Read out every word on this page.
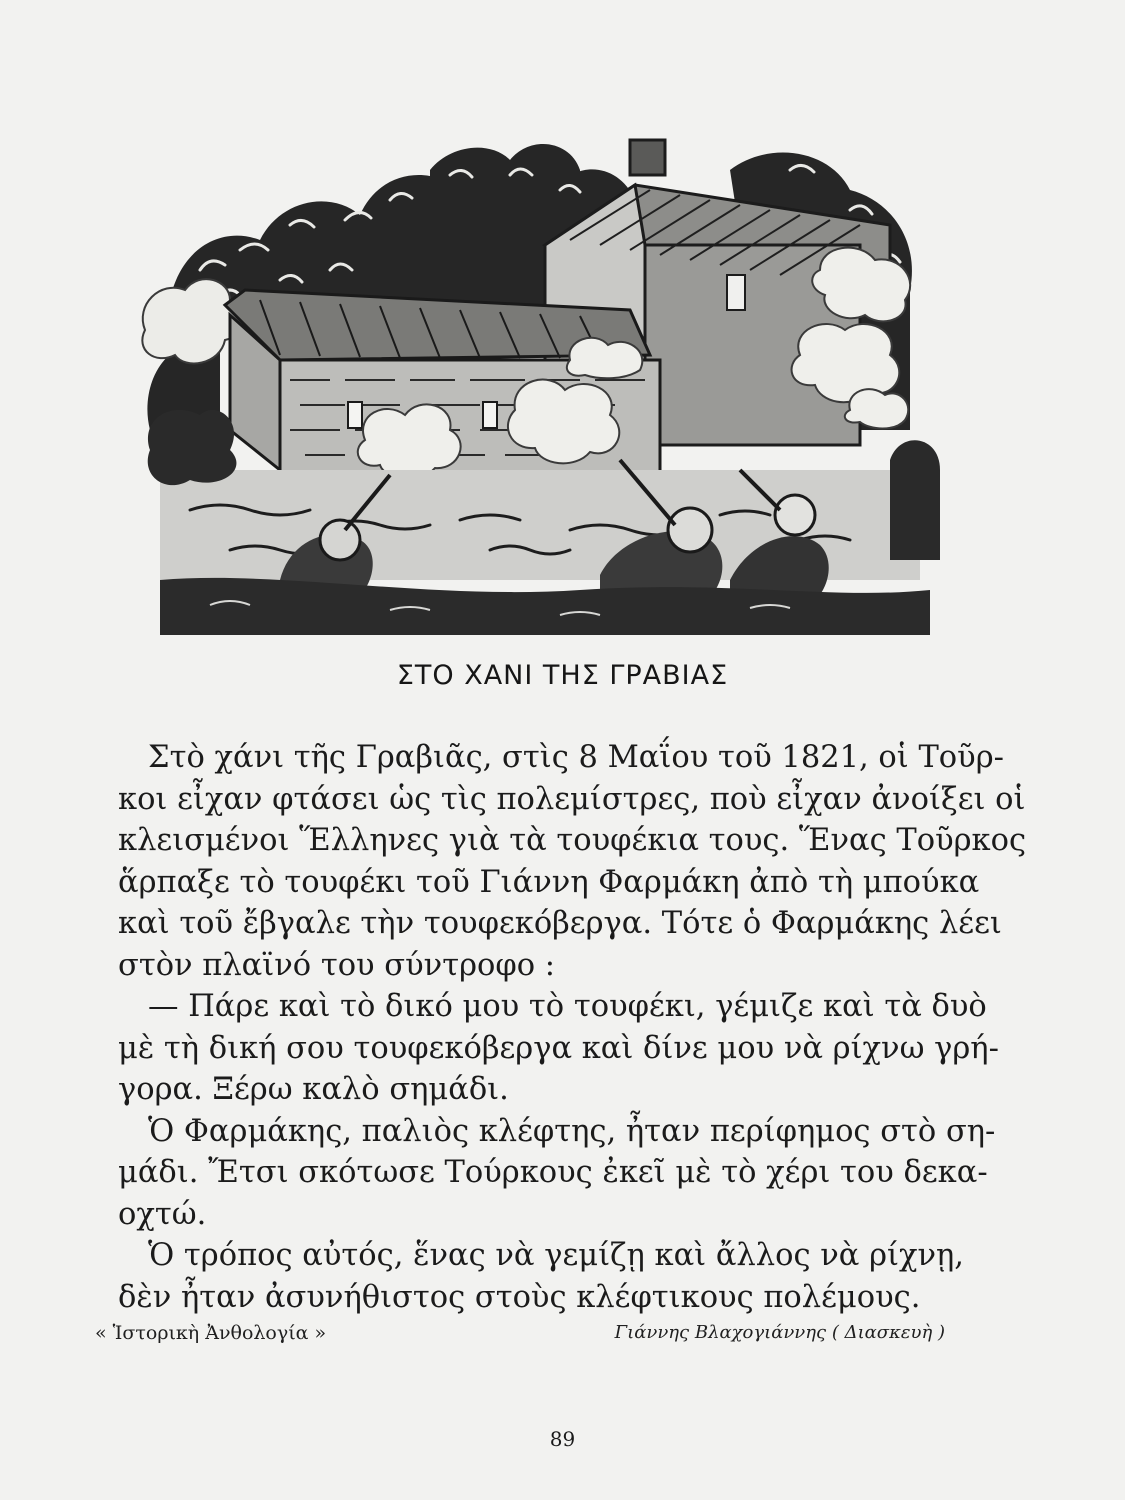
ΣΤΟ ΧΑΝΙ ΤΗΣ ΓΡΑΒΙΑΣ
Στὸ χάνι τῆς Γραβιᾶς, στὶς 8 Μαΐου τοῦ 1821, οἱ Τοῦρ-
κοι εἶχαν φτάσει ὡς τὶς πολεμίστρες, ποὺ εἶχαν ἀνοίξει οἱ
κλεισμένοι Ἕλληνες γιὰ τὰ τουφέκια τους. Ἕνας Τοῦρκος
ἅρπαξε τὸ τουφέκι τοῦ Γιάννη Φαρμάκη ἀπὸ τὴ μπούκα
καὶ τοῦ ἔβγαλε τὴν τουφεκόβεργα. Τότε ὁ Φαρμάκης λέει
στὸν πλαϊνό του σύντροφο :
— Πάρε καὶ τὸ δικό μου τὸ τουφέκι, γέμιζε καὶ τὰ δυὸ
μὲ τὴ δική σου τουφεκόβεργα καὶ δίνε μου νὰ ρίχνω γρή-
γορα. Ξέρω καλὸ σημάδι.
Ὁ Φαρμάκης, παλιὸς κλέφτης, ἦταν περίφημος στὸ ση-
μάδι. Ἔτσι σκότωσε Τούρκους ἐκεῖ μὲ τὸ χέρι του δεκα-
οχτώ.
Ὁ τρόπος αὐτός, ἕνας νὰ γεμίζῃ καὶ ἄλλος νὰ ρίχνῃ,
δὲν ἦταν ἀσυνήθιστος στοὺς κλέφτικους πολέμους.
« Ἱστορικὴ Ἀνθολογία »	Γιάννης Βλαχογιάννης ( Διασκευὴ )
89
